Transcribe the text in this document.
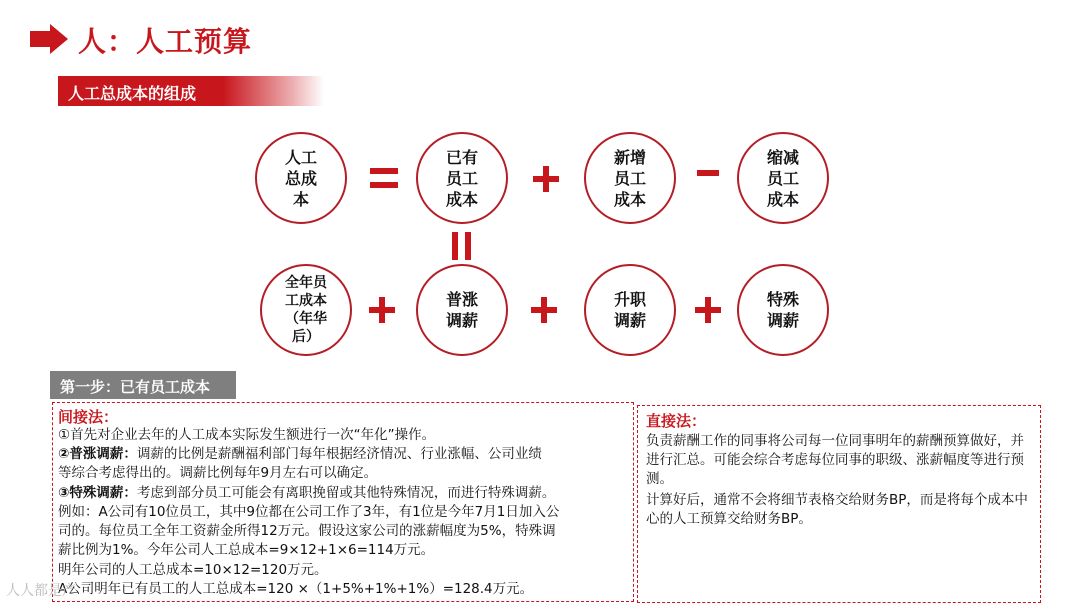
人：人工预算
人工总成本的组成
人工
总成
本
已有
员工
成本
新增
员工
成本
缩减
员工
成本
全年员
工成本
（年华
后）
普涨
调薪
升职
调薪
特殊
调薪
第一步：已有员工成本
间接法：
①首先对企业去年的人工成本实际发生额进行一次“年化”操作。
②普涨调薪：调薪的比例是薪酬福利部门每年根据经济情况、行业涨幅、公司业绩
等综合考虑得出的。调薪比例每年9月左右可以确定。
③特殊调薪：考虑到部分员工可能会有离职挽留或其他特殊情况，而进行特殊调薪。
例如：A公司有10位员工，其中9位都在公司工作了3年，有1位是今年7月1日加入公
司的。每位员工全年工资薪金所得12万元。假设这家公司的涨薪幅度为5%，特殊调
薪比例为1%。今年公司人工总成本=9×12+1×6=114万元。
明年公司的人工总成本=10×12=120万元。
A公司明年已有员工的人工总成本=120 ×（1+5%+1%+1%）=128.4万元。
直接法：
负责薪酬工作的同事将公司每一位同事明年的薪酬预算做好，并进行汇总。可能会综合考虑每位同事的职级、涨薪幅度等进行预测。
计算好后，通常不会将细节表格交给财务BP，而是将每个成本中心的人工预算交给财务BP。
人人都是产
